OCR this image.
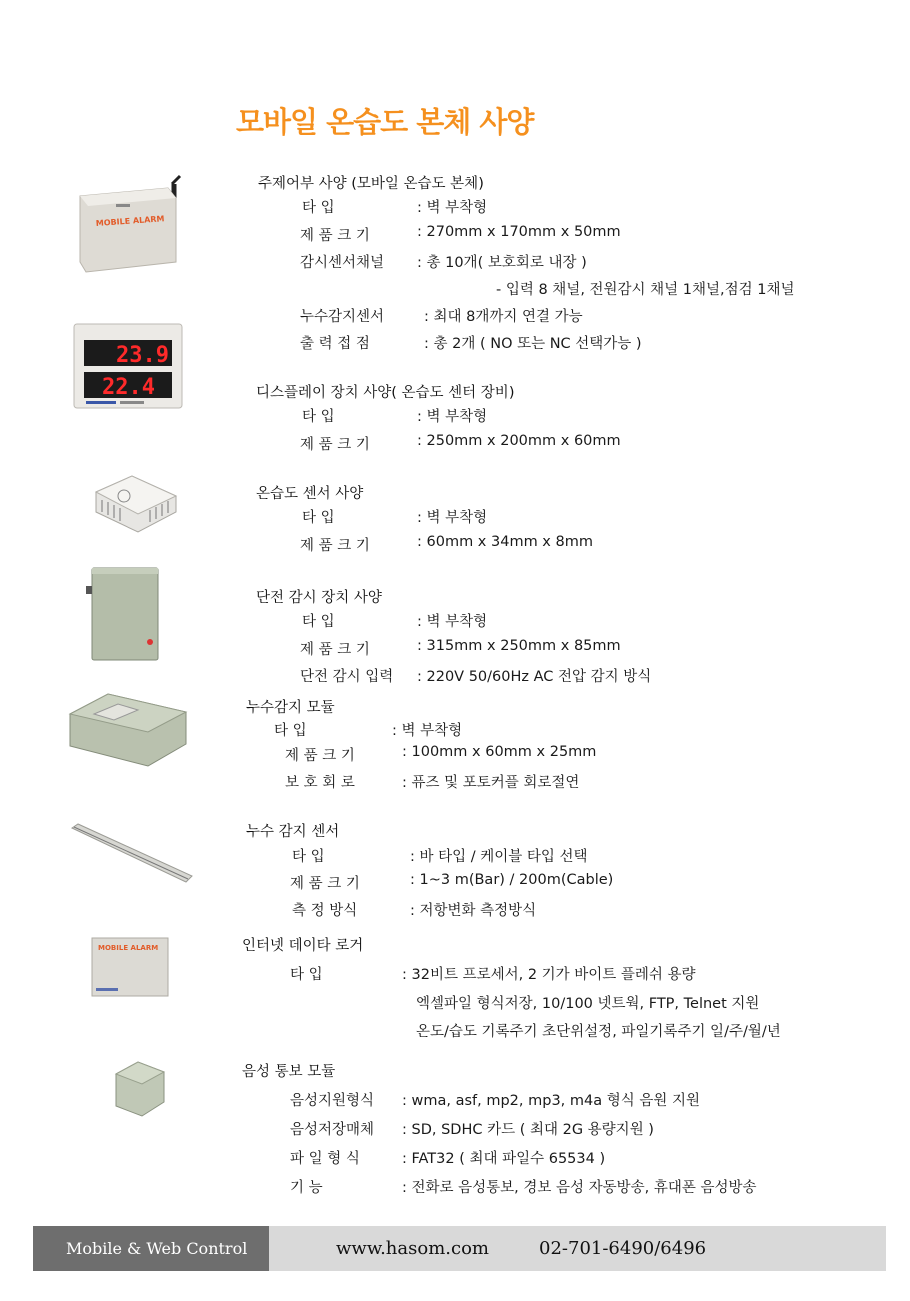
모바일 온습도 본체 사양
MOBILE ALARM
23.9
22.4
MOBILE ALARM
주제어부 사양 (모바일 온습도 본체)
타 입	: 벽 부착형
제 품 크 기	: 270mm x 170mm x 50mm
감시센서채널 : 총 10개( 보호회로 내장 )
- 입력 8 채널, 전원감시 채널 1채널,점검 1채널
누수감지센서	: 최대 8개까지 연결 가능
출 력 접 점	: 총 2개 ( NO 또는 NC 선택가능 )
디스플레이 장치 사양( 온습도 센터 장비)
타 입	: 벽 부착형
제 품 크 기	: 250mm x 200mm x 60mm
온습도 센서 사양
타 입	: 벽 부착형
제 품 크 기	: 60mm x 34mm x 8mm
단전 감시 장치 사양
타 입	: 벽 부착형
제 품 크 기	: 315mm x 250mm x 85mm
단전 감시 입력 : 220V 50/60Hz AC 전압 감지 방식
누수감지 모듈
타 입	: 벽 부착형
제 품 크 기	: 100mm x 60mm x 25mm
보 호 회 로	: 퓨즈 및 포토커플 회로절연
누수 감지 센서
타 입	: 바 타입 / 케이블 타입 선택
제 품 크 기	: 1~3 m(Bar) / 200m(Cable)
측 정 방식	: 저항변화 측정방식
인터넷 데이타 로거
타 입	: 32비트 프로세서, 2 기가 바이트 플레쉬 용량
엑셀파일 형식저장, 10/100 넷트웍, FTP, Telnet 지원
온도/습도 기록주기 초단위설정, 파일기록주기 일/주/월/년
음성 통보 모듈
음성지원형식 : wma, asf, mp2, mp3, m4a 형식 음원 지원
음성저장매체 : SD, SDHC 카드 ( 최대 2G 용량지원 )
파 일 형 식	: FAT32 ( 최대 파일수 65534 )
기 능	: 전화로 음성통보, 경보 음성 자동방송, 휴대폰 음성방송
Mobile & Web Control	www.hasom.com	02-701-6490/6496
